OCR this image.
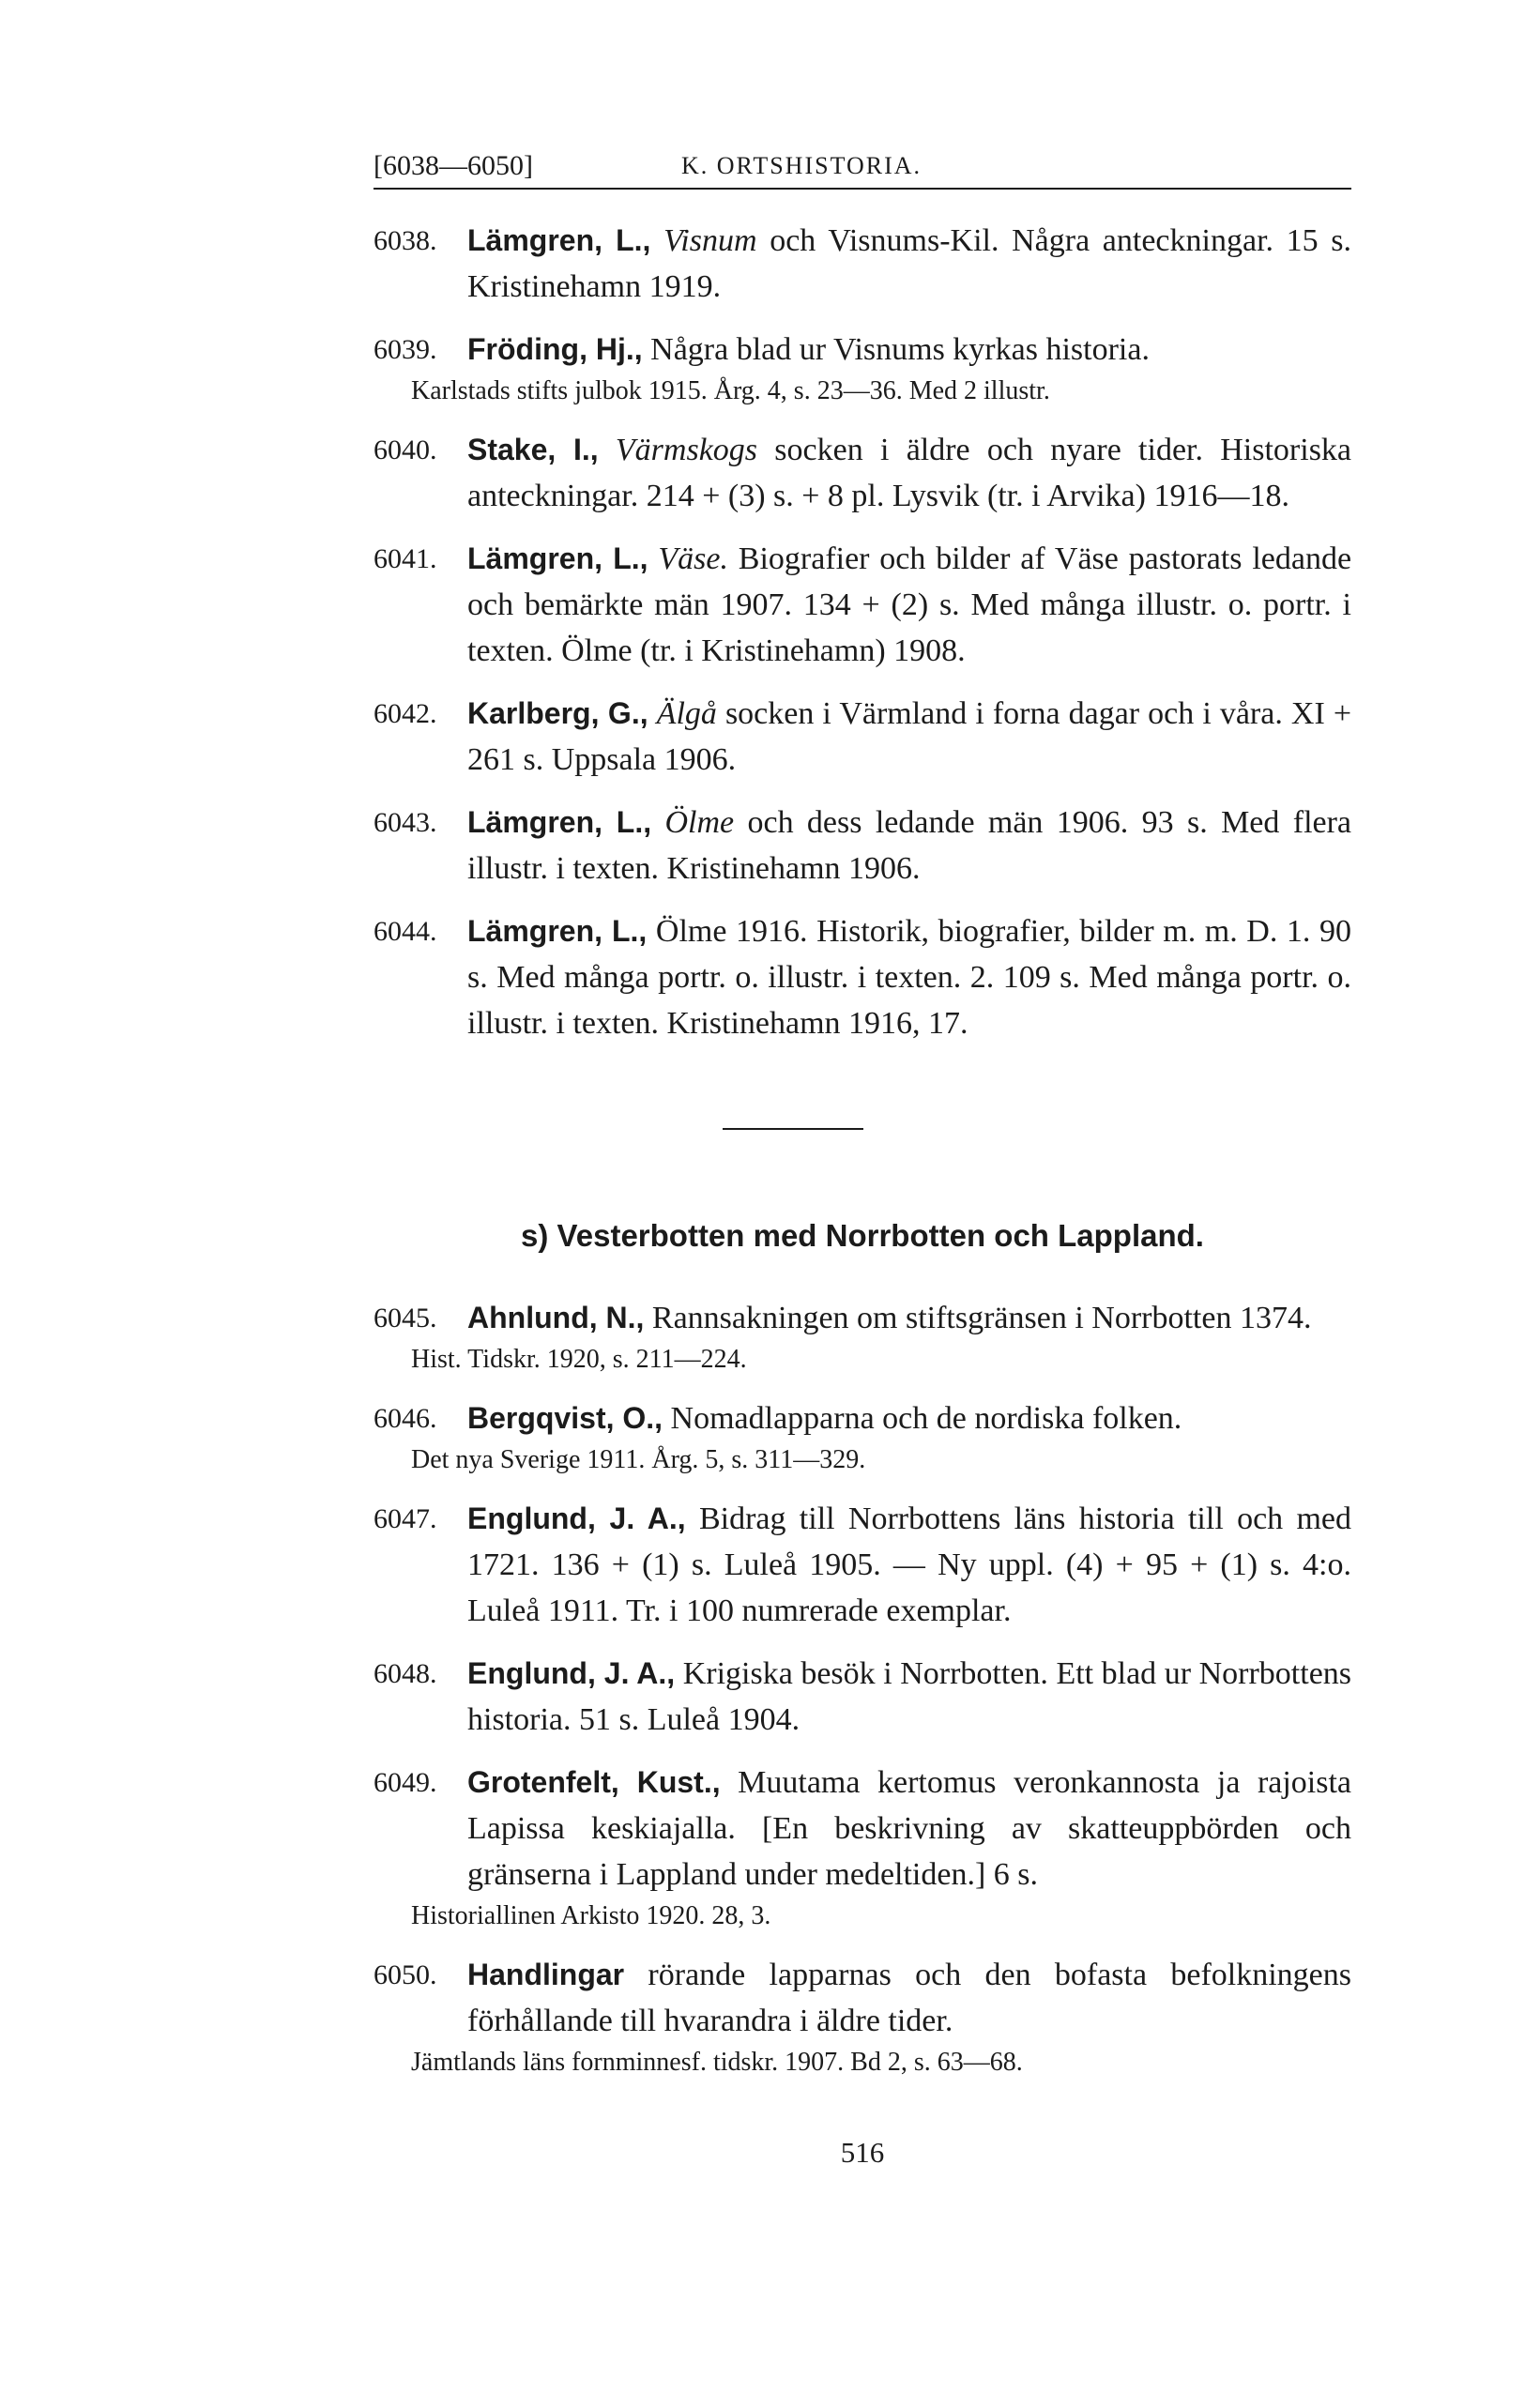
[6038—6050]	K. ORTSHISTORIA.
6038.	Lämgren, L., Visnum och Visnums-Kil. Några anteckningar. 15 s. Kristinehamn 1919.
6039.	Fröding, Hj., Några blad ur Visnums kyrkas historia.
Karlstads stifts julbok 1915. Årg. 4, s. 23—36. Med 2 illustr.
6040.	Stake, I., Värmskogs socken i äldre och nyare tider. Historiska anteckningar. 214 + (3) s. + 8 pl. Lysvik (tr. i Arvika) 1916—18.
6041.	Lämgren, L., Väse. Biografier och bilder af Väse pastorats ledande och bemärkte män 1907. 134 + (2) s. Med många illustr. o. portr. i texten. Ölme (tr. i Kristinehamn) 1908.
6042.	Karlberg, G., Älgå socken i Värmland i forna dagar och i våra. XI + 261 s. Uppsala 1906.
6043.	Lämgren, L., Ölme och dess ledande män 1906. 93 s. Med flera illustr. i texten. Kristinehamn 1906.
6044.	Lämgren, L., Ölme 1916. Historik, biografier, bilder m. m. D. 1. 90 s. Med många portr. o. illustr. i texten. 2. 109 s. Med många portr. o. illustr. i texten. Kristinehamn 1916, 17.
s) Vesterbotten med Norrbotten och Lappland.
6045.	Ahnlund, N., Rannsakningen om stiftsgränsen i Norrbotten 1374.
Hist. Tidskr. 1920, s. 211—224.
6046.	Bergqvist, O., Nomadlapparna och de nordiska folken.
Det nya Sverige 1911. Årg. 5, s. 311—329.
6047.	Englund, J. A., Bidrag till Norrbottens läns historia till och med 1721. 136 + (1) s. Luleå 1905. — Ny uppl. (4) + 95 + (1) s. 4:o. Luleå 1911. Tr. i 100 numrerade exemplar.
6048.	Englund, J. A., Krigiska besök i Norrbotten. Ett blad ur Norrbottens historia. 51 s. Luleå 1904.
6049.	Grotenfelt, Kust., Muutama kertomus veronkannosta ja rajoista Lapissa keskiajalla. [En beskrivning av skatteuppbörden och gränserna i Lappland under medeltiden.] 6 s.
Historiallinen Arkisto 1920. 28, 3.
6050.	Handlingar rörande lapparnas och den bofasta befolkningens förhållande till hvarandra i äldre tider.
Jämtlands läns fornminnesf. tidskr. 1907. Bd 2, s. 63—68.
516
